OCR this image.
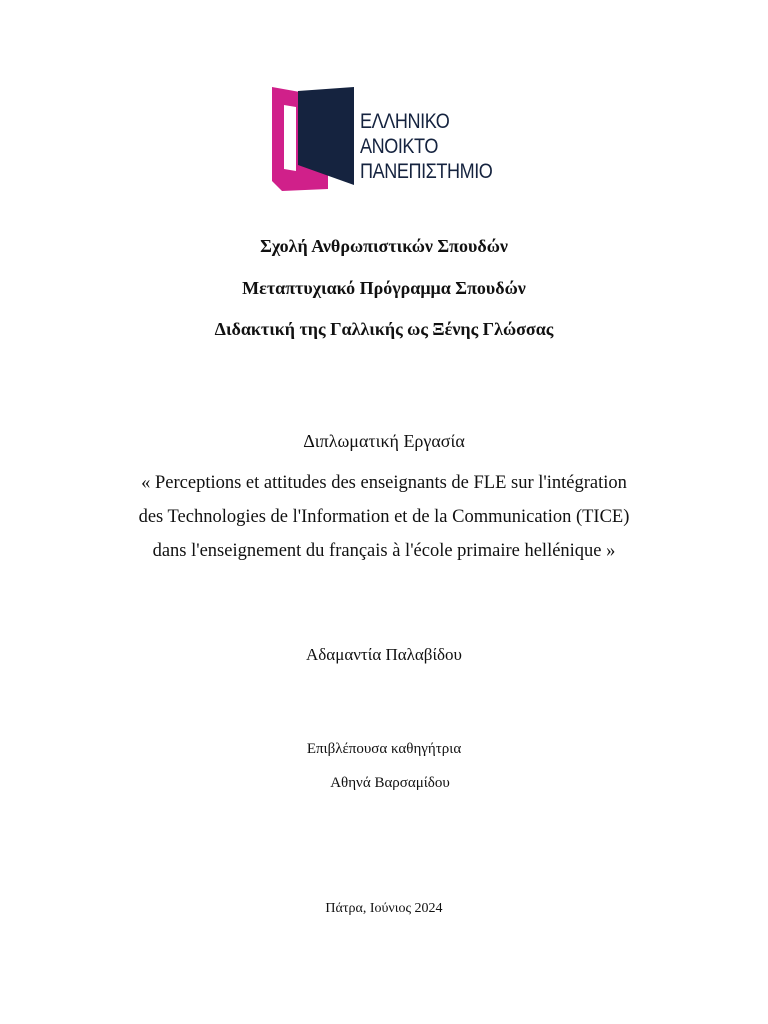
ΕΛΛΗΝΙΚΟ
ΑΝΟΙΚΤΟ
ΠΑΝΕΠΙΣΤΗΜΙΟ
Σχολή Ανθρωπιστικών Σπουδών
Μεταπτυχιακό Πρόγραμμα Σπουδών
Διδακτική της Γαλλικής ως Ξένης Γλώσσας
Διπλωματική Εργασία
« Perceptions et attitudes des enseignants de FLE sur l'intégration des Technologies de l'Information et de la Communication (TICE) dans l'enseignement du français à l'école primaire hellénique »
Αδαμαντία Παλαβίδου
Επιβλέπουσα καθηγήτρια
Αθηνά Βαρσαμίδου
Πάτρα, Ιούνιος 2024
